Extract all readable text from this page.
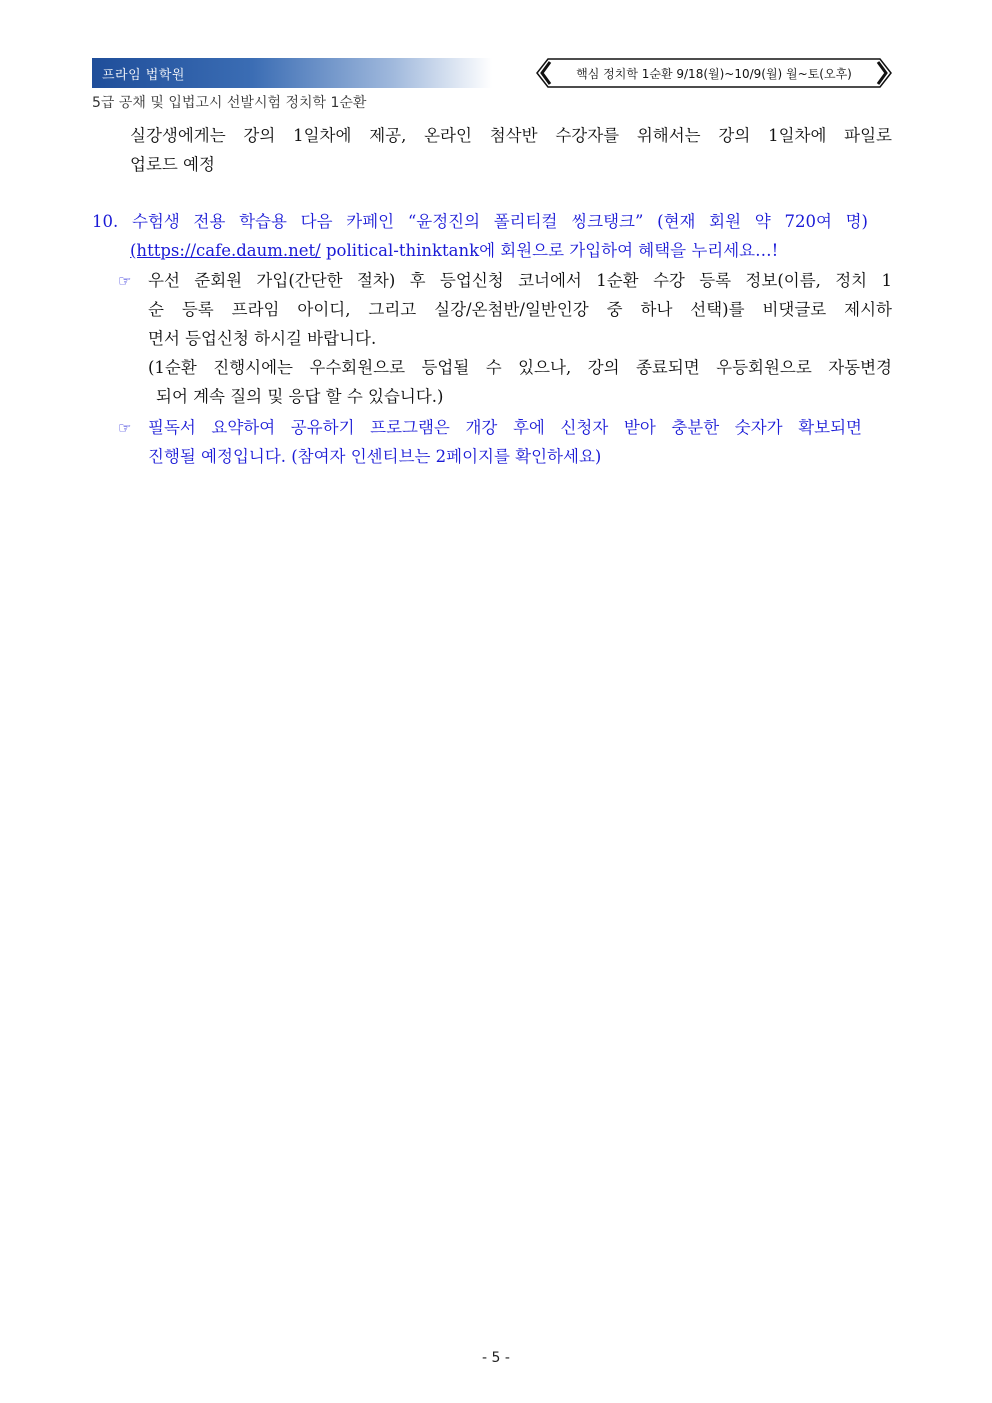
프라임 법학원	핵심 정치학 1순환 9/18(월)~10/9(월) 월~토(오후)
5급 공채 및 입법고시 선발시험 정치학 1순환
실강생에게는 강의 1일차에 제공, 온라인 첨삭반 수강자를 위해서는 강의 1일차에 파일로
업로드 예정
10. 수험생 전용 학습용 다음 카페인 “윤정진의 폴리티컬 씽크탱크” (현재 회원 약 720여 명)
(https://cafe.daum.net/ political-thinktank에 회원으로 가입하여 혜택을 누리세요…!
☞ 우선 준회원 가입(간단한 절차) 후 등업신청 코너에서 1순환 수강 등록 정보(이름, 정치 1
순 등록 프라임 아이디, 그리고 실강/온첨반/일반인강 중 하나 선택)를 비댓글로 제시하
면서 등업신청 하시길 바랍니다.
(1순환 진행시에는 우수회원으로 등업될 수 있으나, 강의 종료되면 우등회원으로 자동변경
되어 계속 질의 및 응답 할 수 있습니다.)
☞ 필독서 요약하여 공유하기 프로그램은 개강 후에 신청자 받아 충분한 숫자가 확보되면
진행될 예정입니다. (참여자 인센티브는 2페이지를 확인하세요)
- 5 -
